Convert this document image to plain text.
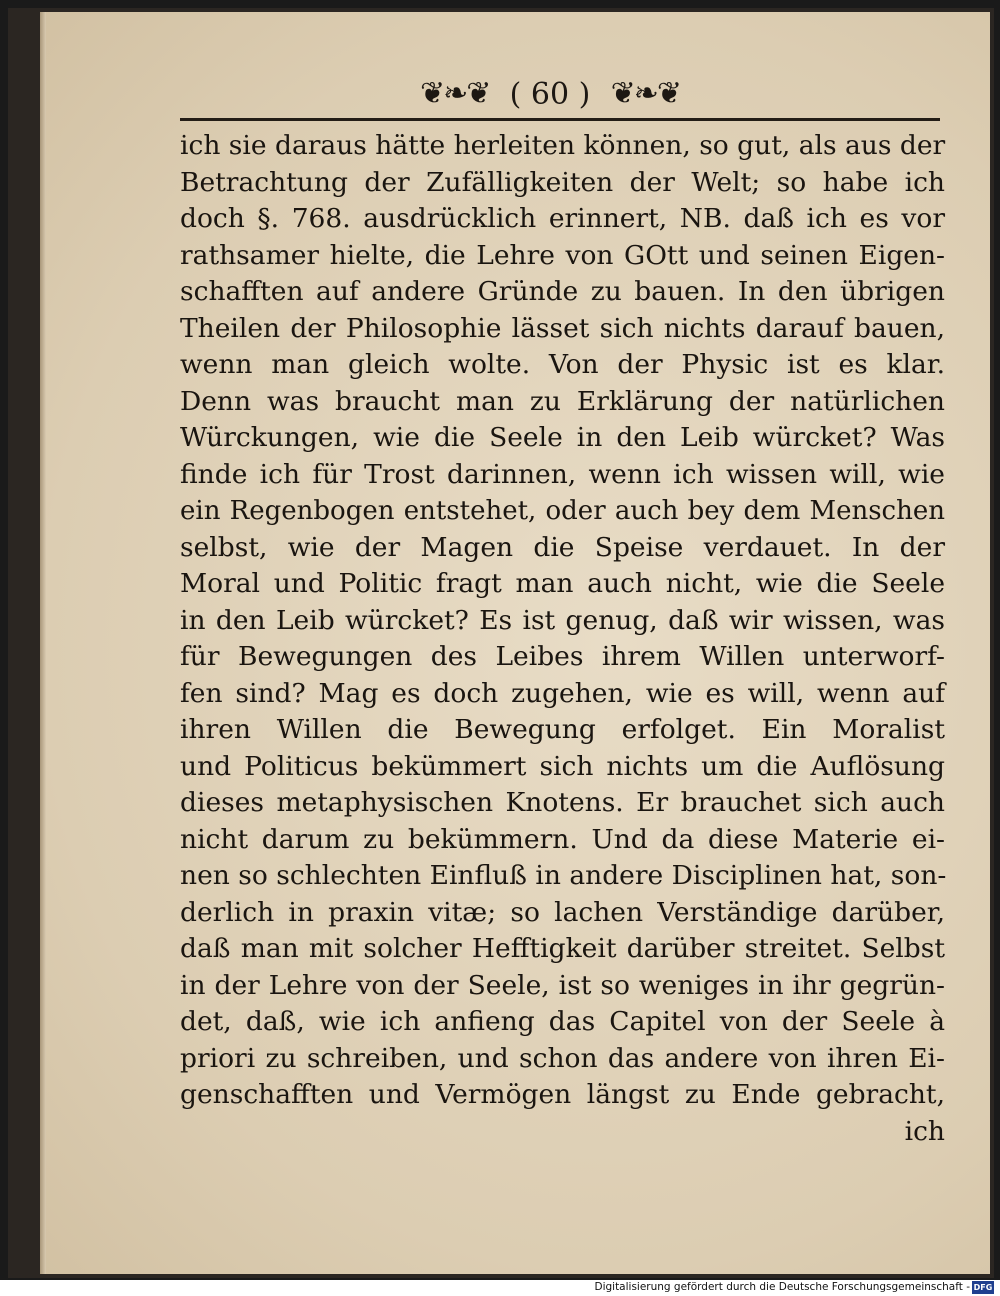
❦❧❦ ( 60 ) ❦❧❦
ich sie daraus hätte herleiten können, so gut, als aus der
Betrachtung der Zufälligkeiten der Welt; so habe ich
doch §. 768. ausdrücklich erinnert, NB. daß ich es vor
rathsamer hielte, die Lehre von GOtt und seinen Eigen-
schafften auf andere Gründe zu bauen. In den übrigen
Theilen der Philosophie lässet sich nichts darauf bauen,
wenn man gleich wolte. Von der Physic ist es klar.
Denn was braucht man zu Erklärung der natürlichen
Würckungen, wie die Seele in den Leib würcket? Was
finde ich für Trost darinnen, wenn ich wissen will, wie
ein Regenbogen entstehet, oder auch bey dem Menschen
selbst, wie der Magen die Speise verdauet. In der
Moral und Politic fragt man auch nicht, wie die Seele
in den Leib würcket? Es ist genug, daß wir wissen, was
für Bewegungen des Leibes ihrem Willen unterworf-
fen sind? Mag es doch zugehen, wie es will, wenn auf
ihren Willen die Bewegung erfolget. Ein Moralist
und Politicus bekümmert sich nichts um die Auflösung
dieses metaphysischen Knotens. Er brauchet sich auch
nicht darum zu bekümmern. Und da diese Materie ei-
nen so schlechten Einfluß in andere Disciplinen hat, son-
derlich in praxin vitæ; so lachen Verständige darüber,
daß man mit solcher Hefftigkeit darüber streitet. Selbst
in der Lehre von der Seele, ist so weniges in ihr gegrün-
det, daß, wie ich anfieng das Capitel von der Seele à
priori zu schreiben, und schon das andere von ihren Ei-
genschafften und Vermögen längst zu Ende gebracht,
ich
Digitalisierung gefördert durch die Deutsche Forschungsgemeinschaft - DFG
